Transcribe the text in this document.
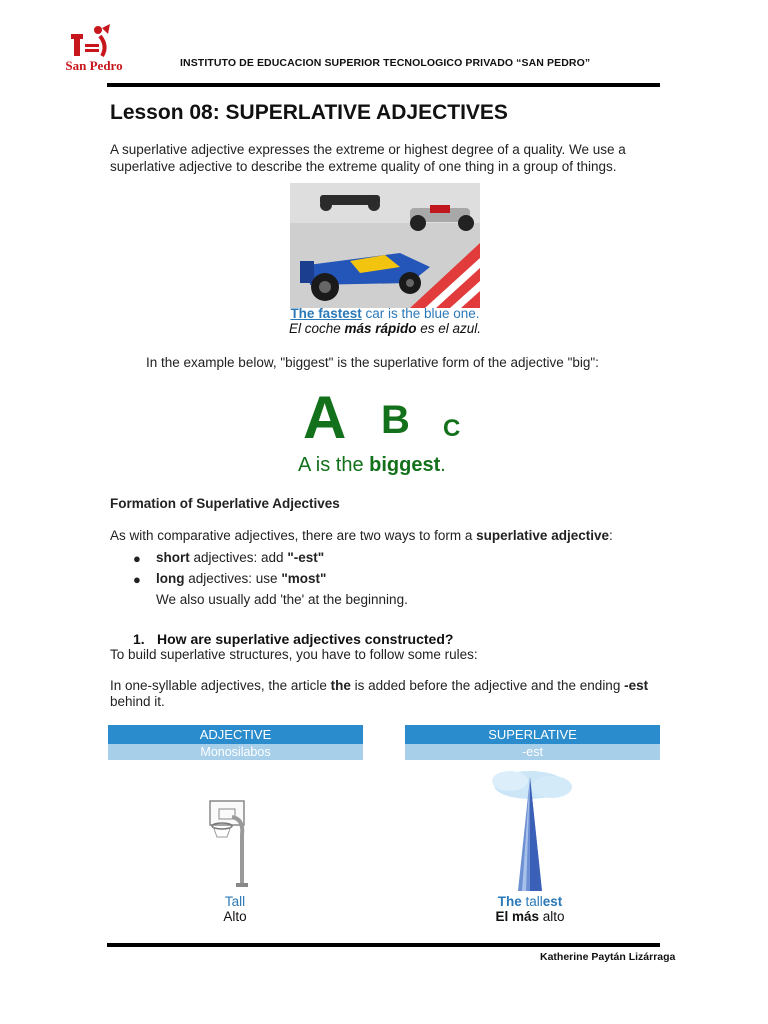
San Pedro	INSTITUTO DE EDUCACION SUPERIOR TECNOLOGICO PRIVADO “SAN PEDRO”
Lesson 08: SUPERLATIVE ADJECTIVES
A superlative adjective expresses the extreme or highest degree of a quality. We use a superlative adjective to describe the extreme quality of one thing in a group of things.
The fastest car is the blue one.
El coche más rápido es el azul.
In the example below, "biggest" is the superlative form of the adjective "big":
A B C
A is the biggest.
Formation of Superlative Adjectives
As with comparative adjectives, there are two ways to form a superlative adjective:
● short adjectives: add "-est"
● long adjectives: use "most"
We also usually add 'the' at the beginning.
1. How are superlative adjectives constructed?
To build superlative structures, you have to follow some rules:
In one-syllable adjectives, the article the is added before the adjective and the ending -est behind it.
ADJECTIVE
Monosilabos
SUPERLATIVE
-est
Tall
Alto
The tallest
El más alto
Katherine Paytán Lizárraga
